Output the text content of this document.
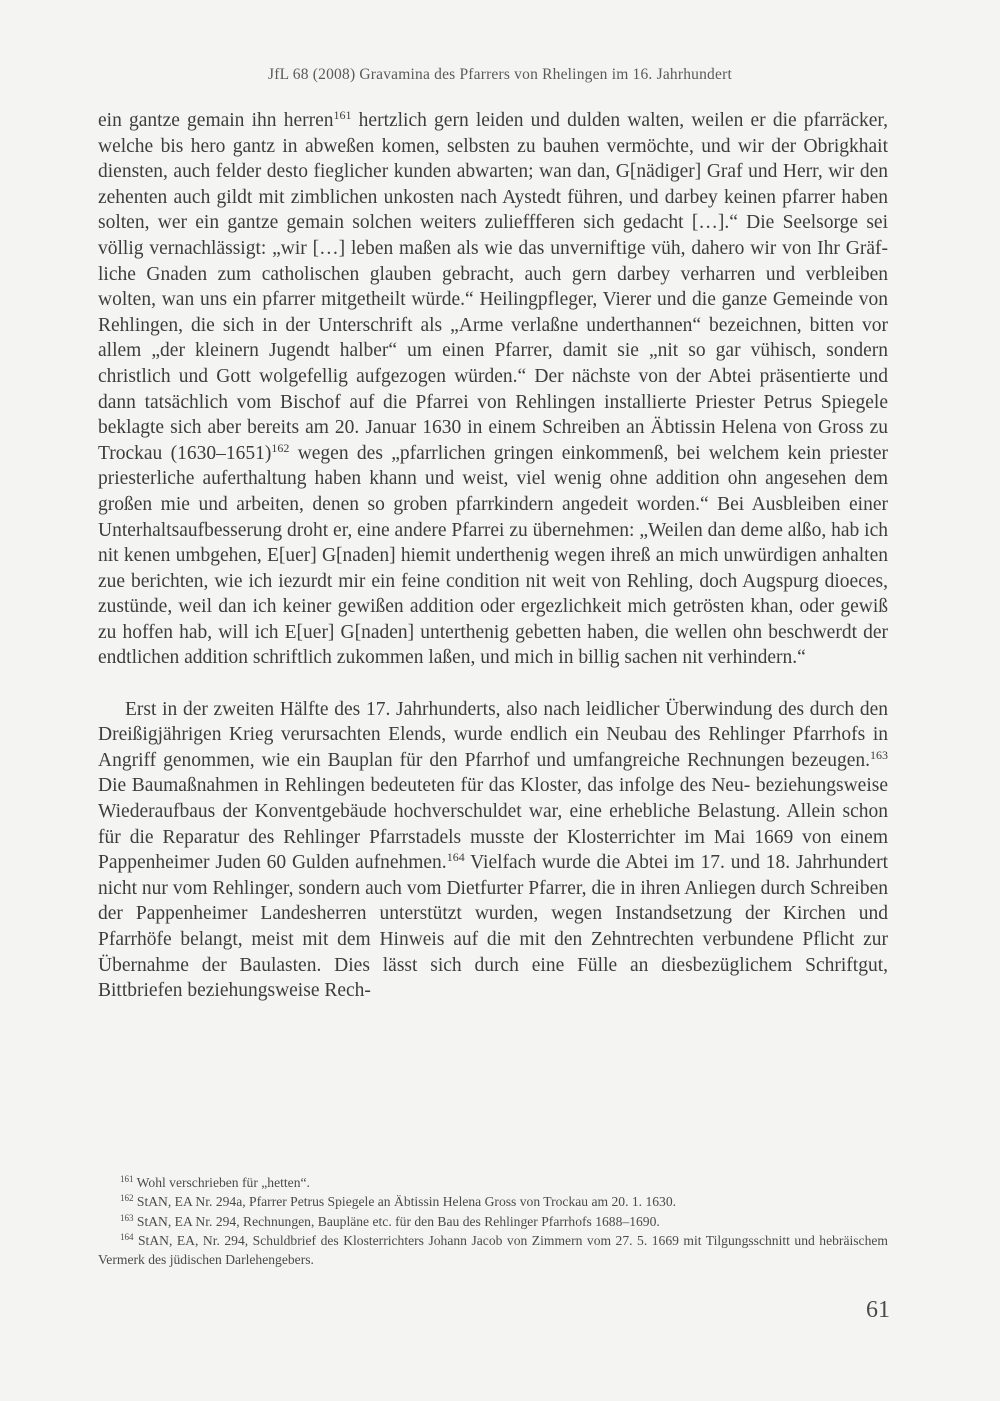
JfL 68 (2008) Gravamina des Pfarrers von Rhelingen im 16. Jahrhundert

ein gantze gemain ihn herren$^{161}$ hertzlich gern leiden und dulden walten, weilen er die pfarräcker, welche bis hero gantz in abweßen komen, selbsten zu bauhen vermöchte, und wir der Obrigkhait diensten, auch felder desto fieglicher kunden abwarten; wan dan, G[nädiger] Graf und Herr, wir den zehenten auch gildt mit zimblichen unkosten nach Aystedt führen, und darbey keinen pfarrer haben solten, wer ein gantze gemain solchen weiters zulieffferen sich gedacht […].“ Die Seelsorge sei völlig vernachlässigt: „wir […] leben maßen als wie das unverniftige vüh, dahero wir von Ihr Gräfliche Gnaden zum catholischen glauben gebracht, auch gern darbey verharren und verbleiben wolten, wan uns ein pfarrer mitgetheilt würde.“ Heilingpfleger, Vierer und die ganze Gemeinde von Rehlingen, die sich in der Unterschrift als „Arme verlaßne underthannen“ bezeichnen, bitten vor allem „der kleinern Jugendt halber“ um einen Pfarrer, damit sie „nit so gar vühisch, sondern christlich und Gott wolgefellig aufgezogen würden.“ Der nächste von der Abtei präsentierte und dann tatsächlich vom Bischof auf die Pfarrei von Rehlingen installierte Priester Petrus Spiegele beklagte sich aber bereits am 20. Januar 1630 in einem Schreiben an Äbtissin Helena von Gross zu Trockau (1630–1651)$^{162}$ wegen des „pfarrlichen gringen einkommenß, bei welchem kein priester priesterliche auferthaltung haben khann und weist, viel wenig ohne addition ohn angesehen dem großen mie und arbeiten, denen so groben pfarrkindern angedeit worden.“ Bei Ausbleiben einer Unterhaltsaufbesserung droht er, eine andere Pfarrei zu übernehmen: „Weilen dan deme alßo, hab ich nit kenen umbgehen, E[uer] G[naden] hiemit underthenig wegen ihreß an mich unwürdigen anhalten zue berichten, wie ich iezurdt mir ein feine condition nit weit von Rehling, doch Augspurg dioeces, zustünde, weil dan ich keiner gewißen addition oder ergezlichkeit mich getrösten khan, oder gewiß zu hoffen hab, will ich E[uer] G[naden] unterthenig gebetten haben, die wellen ohn beschwerdt der endtlichen addition schriftlich zukommen laßen, und mich in billig sachen nit verhindern.“

Erst in der zweiten Hälfte des 17. Jahrhunderts, also nach leidlicher Überwindung des durch den Dreißigjährigen Krieg verursachten Elends, wurde endlich ein Neubau des Rehlinger Pfarrhofs in Angriff genommen, wie ein Bauplan für den Pfarrhof und umfangreiche Rechnungen bezeugen.$^{163}$ Die Baumaßnahmen in Rehlingen bedeuteten für das Kloster, das infolge des Neu- beziehungsweise Wiederaufbaus der Konventgebäude hochverschuldet war, eine erhebliche Belastung. Allein schon für die Reparatur des Rehlinger Pfarrstadels musste der Klosterrichter im Mai 1669 von einem Pappenheimer Juden 60 Gulden aufnehmen.$^{164}$ Vielfach wurde die Abtei im 17. und 18. Jahrhundert nicht nur vom Rehlinger, sondern auch vom Dietfurter Pfarrer, die in ihren Anliegen durch Schreiben der Pappenheimer Landesherren unterstützt wurden, wegen Instandsetzung der Kirchen und Pfarrhöfe belangt, meist mit dem Hinweis auf die mit den Zehntrechten verbundene Pflicht zur Übernahme der Baulasten. Dies lässt sich durch eine Fülle an diesbezüglichem Schriftgut, Bittbriefen beziehungsweise Rech-

$^{161}$ Wohl verschrieben für „hetten“.

$^{162}$ StAN, EA Nr. 294a, Pfarrer Petrus Spiegele an Äbtissin Helena Gross von Trockau am 20. 1. 1630.

$^{163}$ StAN, EA Nr. 294, Rechnungen, Baupläne etc. für den Bau des Rehlinger Pfarrhofs 1688–1690.

$^{164}$ StAN, EA, Nr. 294, Schuldbrief des Klosterrichters Johann Jacob von Zimmern vom 27. 5. 1669 mit Tilgungsschnitt und hebräischem Vermerk des jüdischen Darlehengebers.

61
